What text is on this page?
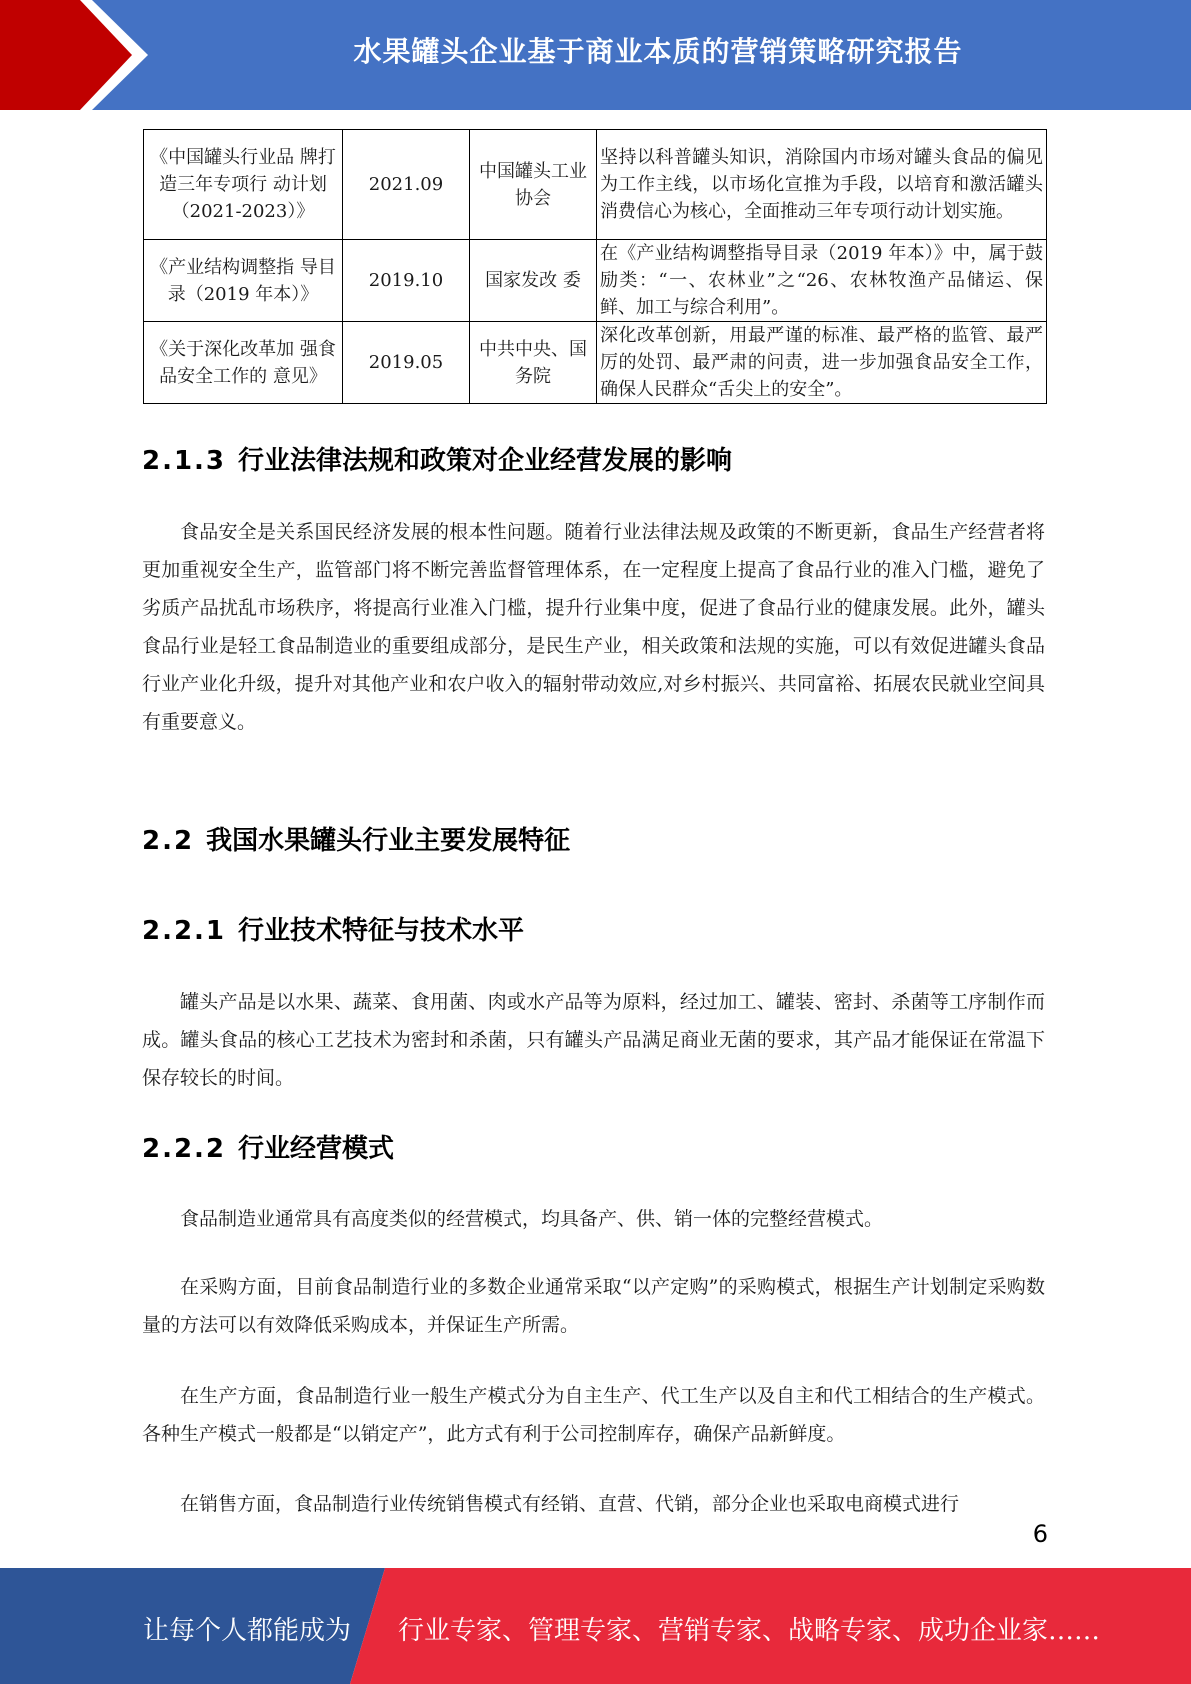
水果罐头企业基于商业本质的营销策略研究报告
《中国罐头行业品 牌打造三年专项行 动计划（2021-2023）》	2021.09	中国罐头工业协会	坚持以科普罐头知识，消除国内市场对罐头食品的偏见为工作主线，以市场化宣推为手段，以培育和激活罐头消费信心为核心，全面推动三年专项行动计划实施。
《产业结构调整指 导目录（2019 年本）》	2019.10	国家发改 委	在《产业结构调整指导目录（2019 年本）》中，属于鼓励类：“一、农林业”之“26、农林牧渔产品储运、保鲜、加工与综合利用”。
《关于深化改革加 强食品安全工作的 意见》	2019.05	中共中央、国务院	深化改革创新，用最严谨的标准、最严格的监管、最严厉的处罚、最严肃的问责，进一步加强食品安全工作，确保人民群众“舌尖上的安全”。
2.1.3 行业法律法规和政策对企业经营发展的影响

食品安全是关系国民经济发展的根本性问题。随着行业法律法规及政策的不断更新，食品生产经营者将更加重视安全生产，监管部门将不断完善监督管理体系，在一定程度上提高了食品行业的准入门槛，避免了劣质产品扰乱市场秩序，将提高行业准入门槛，提升行业集中度，促进了食品行业的健康发展。此外，罐头食品行业是轻工食品制造业的重要组成部分，是民生产业，相关政策和法规的实施，可以有效促进罐头食品行业产业化升级，提升对其他产业和农户收入的辐射带动效应,对乡村振兴、共同富裕、拓展农民就业空间具有重要意义。

2.2 我国水果罐头行业主要发展特征
2.2.1 行业技术特征与技术水平

罐头产品是以水果、蔬菜、食用菌、肉或水产品等为原料，经过加工、罐装、密封、杀菌等工序制作而成。罐头食品的核心工艺技术为密封和杀菌，只有罐头产品满足商业无菌的要求，其产品才能保证在常温下保存较长的时间。

2.2.2 行业经营模式

食品制造业通常具有高度类似的经营模式，均具备产、供、销一体的完整经营模式。

在采购方面，目前食品制造行业的多数企业通常采取“以产定购”的采购模式，根据生产计划制定采购数量的方法可以有效降低采购成本，并保证生产所需。

在生产方面，食品制造行业一般生产模式分为自主生产、代工生产以及自主和代工相结合的生产模式。各种生产模式一般都是“以销定产”，此方式有利于公司控制库存，确保产品新鲜度。

在销售方面，食品制造行业传统销售模式有经销、直营、代销，部分企业也采取电商模式进行

6
让每个人都能成为 行业专家、管理专家、营销专家、战略专家、成功企业家……
